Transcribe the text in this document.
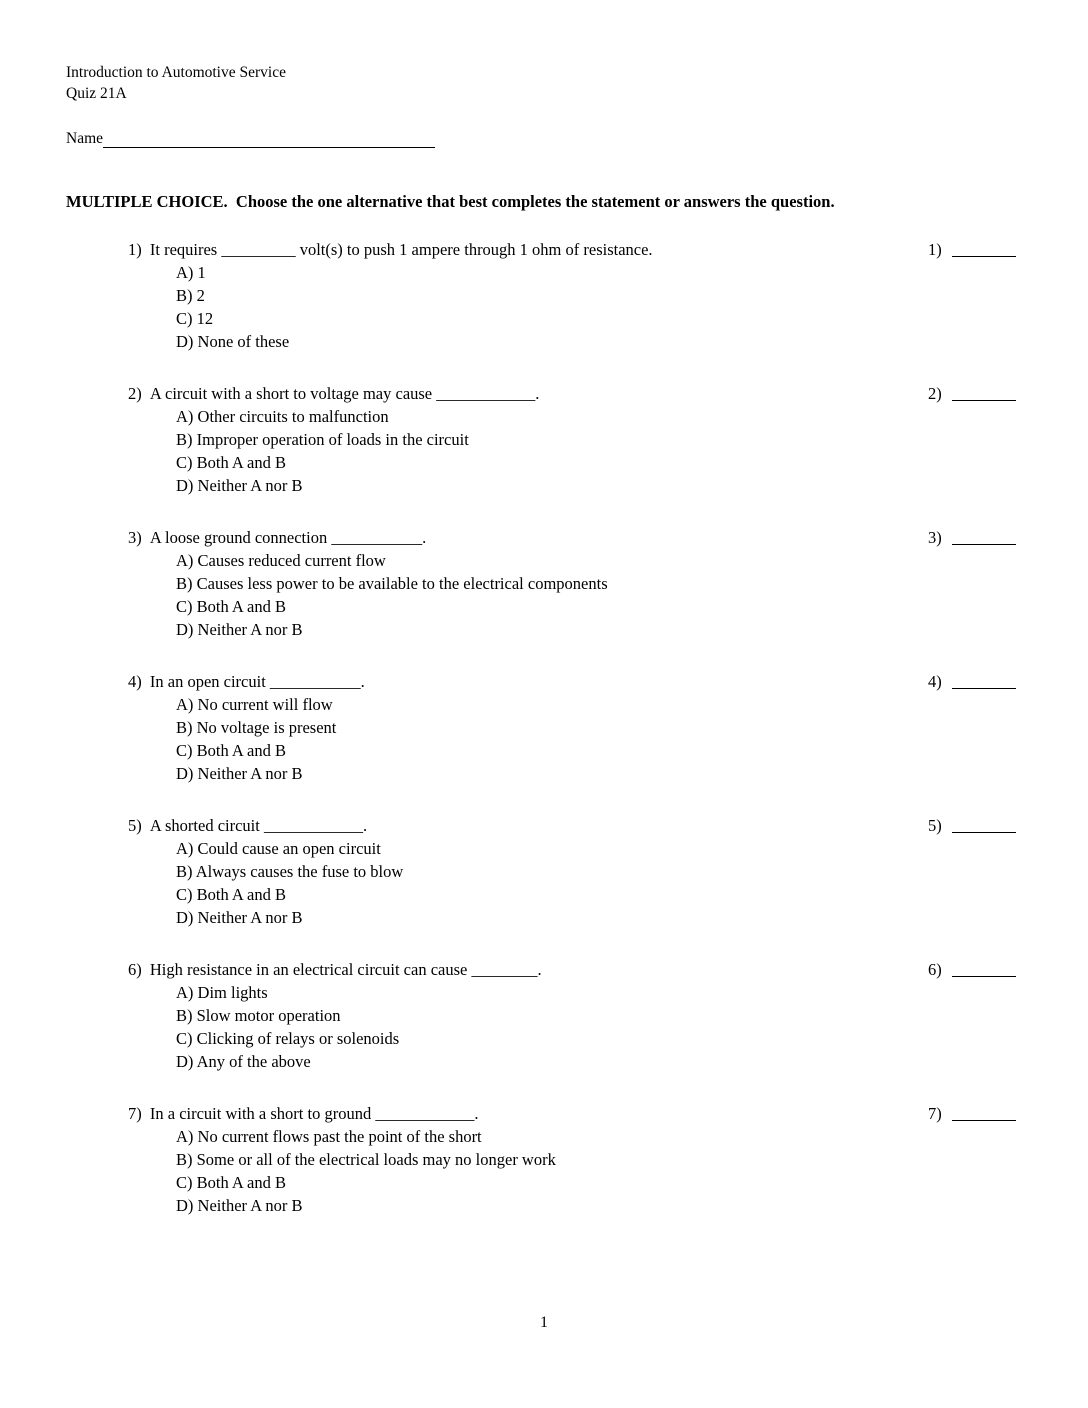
Introduction to Automotive Service
Quiz 21A
Name
MULTIPLE CHOICE.  Choose the one alternative that best completes the statement or answers the question.
1) It requires _________ volt(s) to push 1 ampere through 1 ohm of resistance.	1)
A) 1
B) 2
C) 12
D) None of these
2) A circuit with a short to voltage may cause ____________.	2)
A) Other circuits to malfunction
B) Improper operation of loads in the circuit
C) Both A and B
D) Neither A nor B
3) A loose ground connection ___________.	3)
A) Causes reduced current flow
B) Causes less power to be available to the electrical components
C) Both A and B
D) Neither A nor B
4) In an open circuit ___________.	4)
A) No current will flow
B) No voltage is present
C) Both A and B
D) Neither A nor B
5) A shorted circuit ____________.	5)
A) Could cause an open circuit
B) Always causes the fuse to blow
C) Both A and B
D) Neither A nor B
6) High resistance in an electrical circuit can cause ________.	6)
A) Dim lights
B) Slow motor operation
C) Clicking of relays or solenoids
D) Any of the above
7) In a circuit with a short to ground ____________.	7)
A) No current flows past the point of the short
B) Some or all of the electrical loads may no longer work
C) Both A and B
D) Neither A nor B
1
